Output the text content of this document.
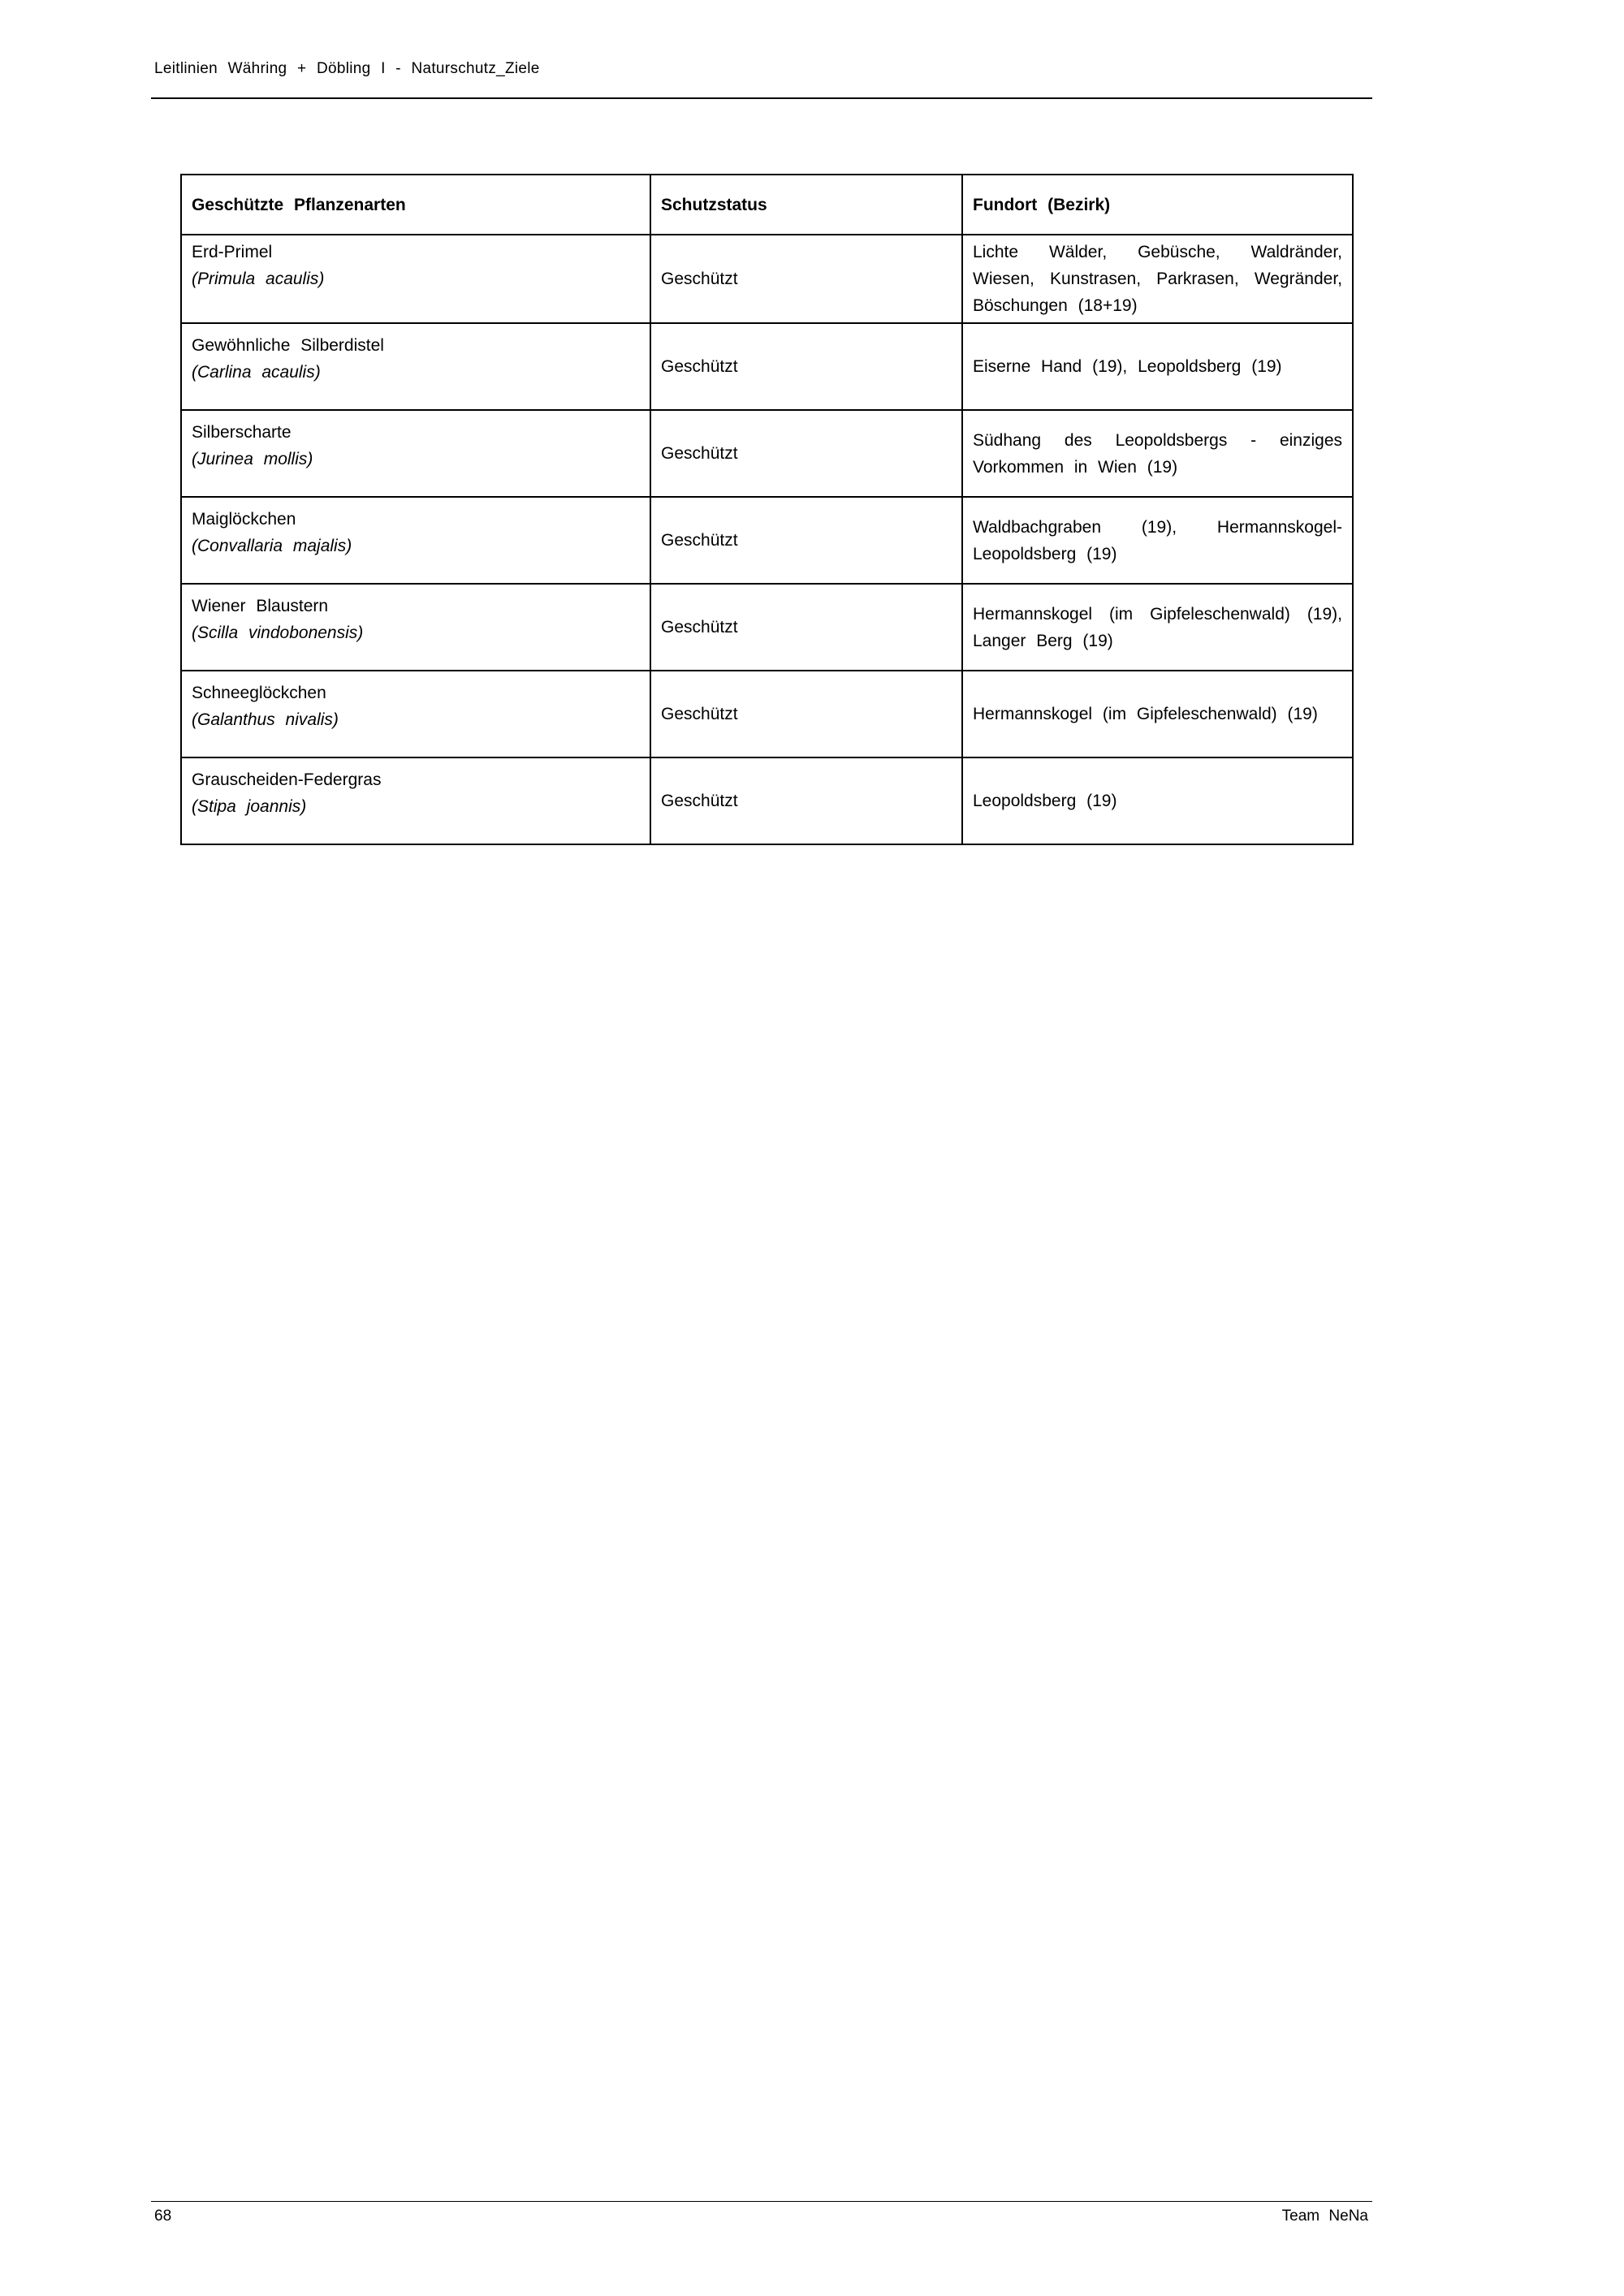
Leitlinien Währing + Döbling I - Naturschutz_Ziele
Geschützte Pflanzenarten	Schutzstatus	Fundort (Bezirk)

Erd-Primel
(Primula acaulis)	Geschützt	Lichte Wälder, Gebüsche, Waldränder, Wiesen, Kunstrasen, Parkrasen, Wegränder, Böschungen (18+19)

Gewöhnliche Silberdistel
(Carlina acaulis)	Geschützt	Eiserne Hand (19), Leopoldsberg (19)

Silberscharte
(Jurinea mollis)	Geschützt	Südhang des Leopoldsbergs - einziges Vorkommen in Wien (19)

Maiglöckchen
(Convallaria majalis)	Geschützt	Waldbachgraben (19), Hermannskogel-Leopoldsberg (19)

Wiener Blaustern
(Scilla vindobonensis)	Geschützt	Hermannskogel (im Gipfeleschenwald) (19), Langer Berg (19)

Schneeglöckchen
(Galanthus nivalis)	Geschützt	Hermannskogel (im Gipfeleschenwald) (19)

Grauscheiden-Federgras
(Stipa joannis)	Geschützt	Leopoldsberg (19)
68	Team NeNa
